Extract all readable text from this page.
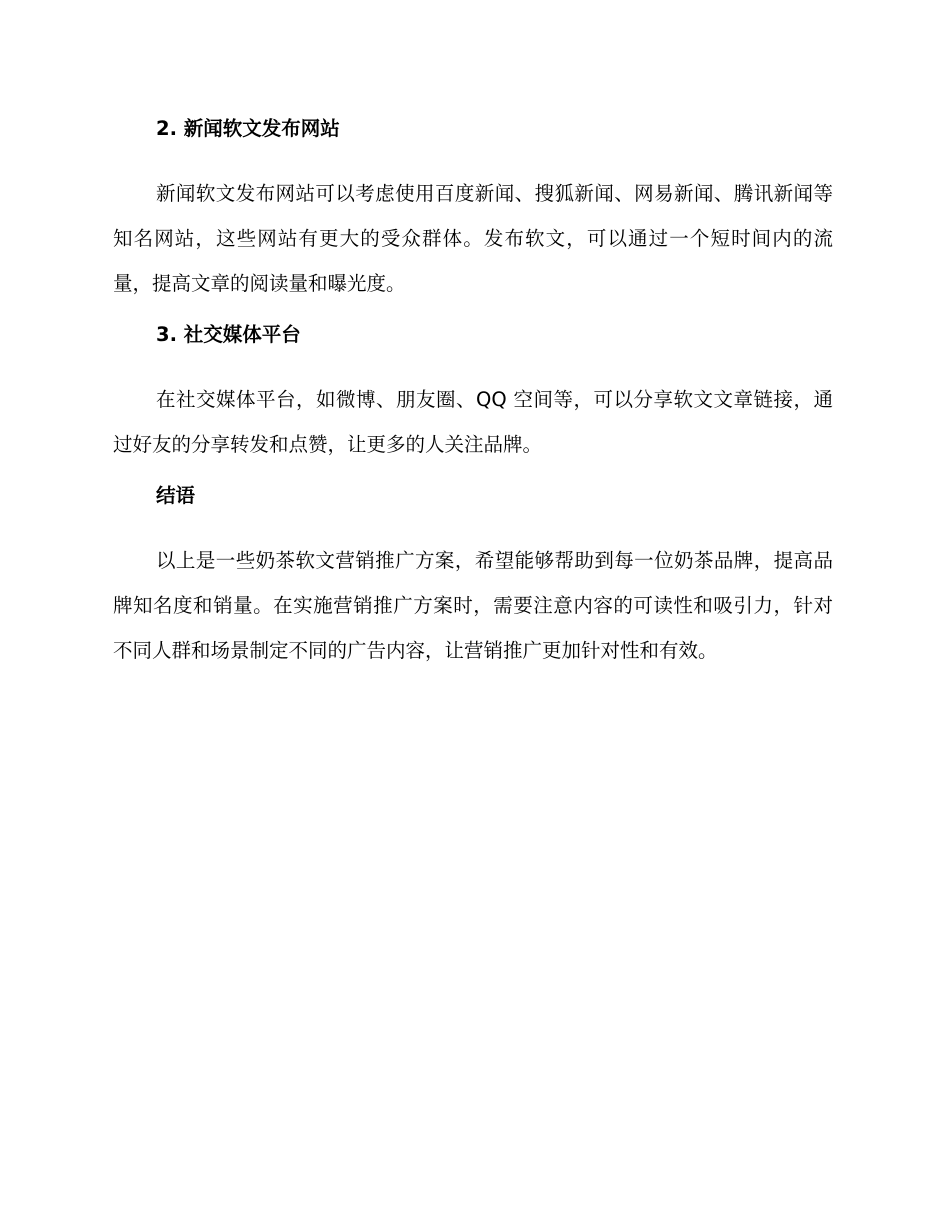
2. 新闻软文发布网站

新闻软文发布网站可以考虑使用百度新闻、搜狐新闻、网易新闻、腾讯新闻等知名网站，这些网站有更大的受众群体。发布软文，可以通过一个短时间内的流量，提高文章的阅读量和曝光度。

3. 社交媒体平台

在社交媒体平台，如微博、朋友圈、QQ 空间等，可以分享软文文章链接，通过好友的分享转发和点赞，让更多的人关注品牌。

结语

以上是一些奶茶软文营销推广方案，希望能够帮助到每一位奶茶品牌，提高品牌知名度和销量。在实施营销推广方案时，需要注意内容的可读性和吸引力，针对不同人群和场景制定不同的广告内容，让营销推广更加针对性和有效。
